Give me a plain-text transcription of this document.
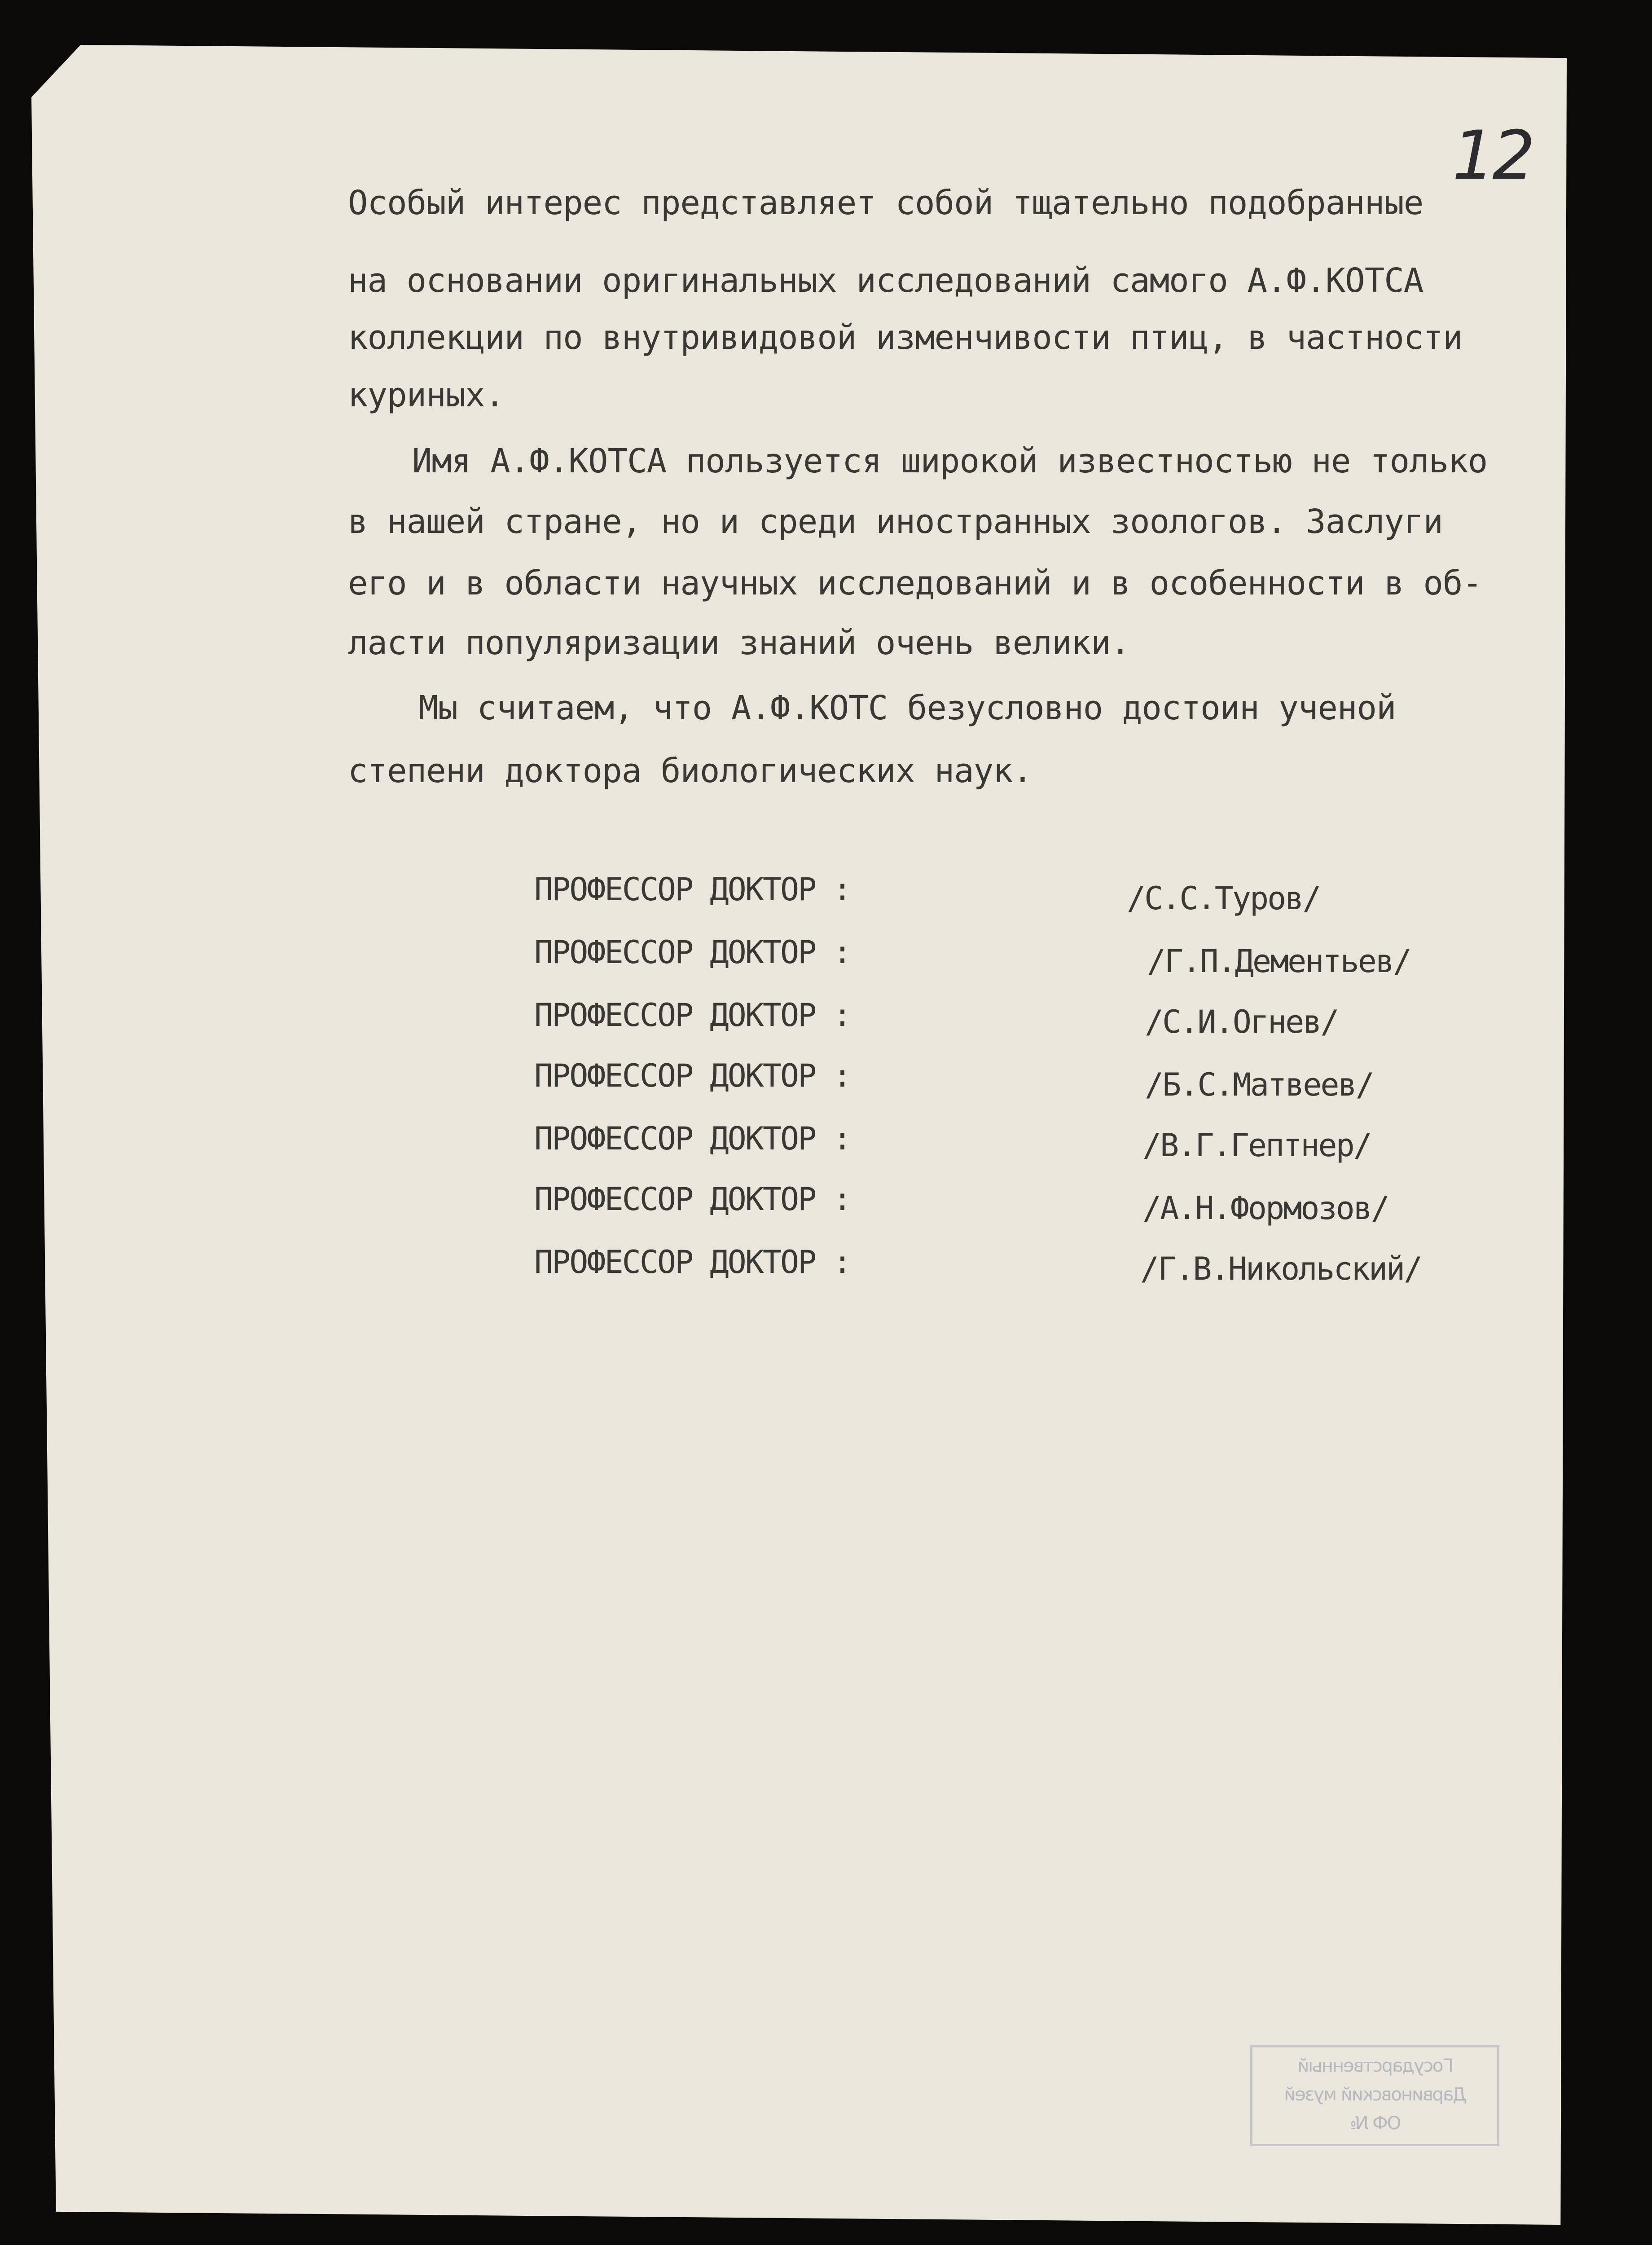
12
Особый интерес представляет собой тщательно подобранные
на основании оригинальных исследований самого А.Ф.КОТСА
коллекции по внутривидовой изменчивости птиц, в частности
куриных.
Имя А.Ф.КОТСА пользуется широкой известностью не только
в нашей стране, но и среди иностранных зоологов. Заслуги
его и в области научных исследований и в особенности в об-
ласти популяризации знаний очень велики.
Мы считаем, что А.Ф.КОТС безусловно достоин ученой
степени доктора биологических наук.
ПРОФЕССОР ДОКТОР :	/С.С.Туров/
ПРОФЕССОР ДОКТОР :	/Г.П.Дементьев/
ПРОФЕССОР ДОКТОР :	/С.И.Огнев/
ПРОФЕССОР ДОКТОР :	/Б.С.Матвеев/
ПРОФЕССОР ДОКТОР :	/В.Г.Гептнер/
ПРОФЕССОР ДОКТОР :	/А.Н.Формозов/
ПРОФЕССОР ДОКТОР :	/Г.В.Никольский/
Государственный
Дарвиновский музей
ОФ №
